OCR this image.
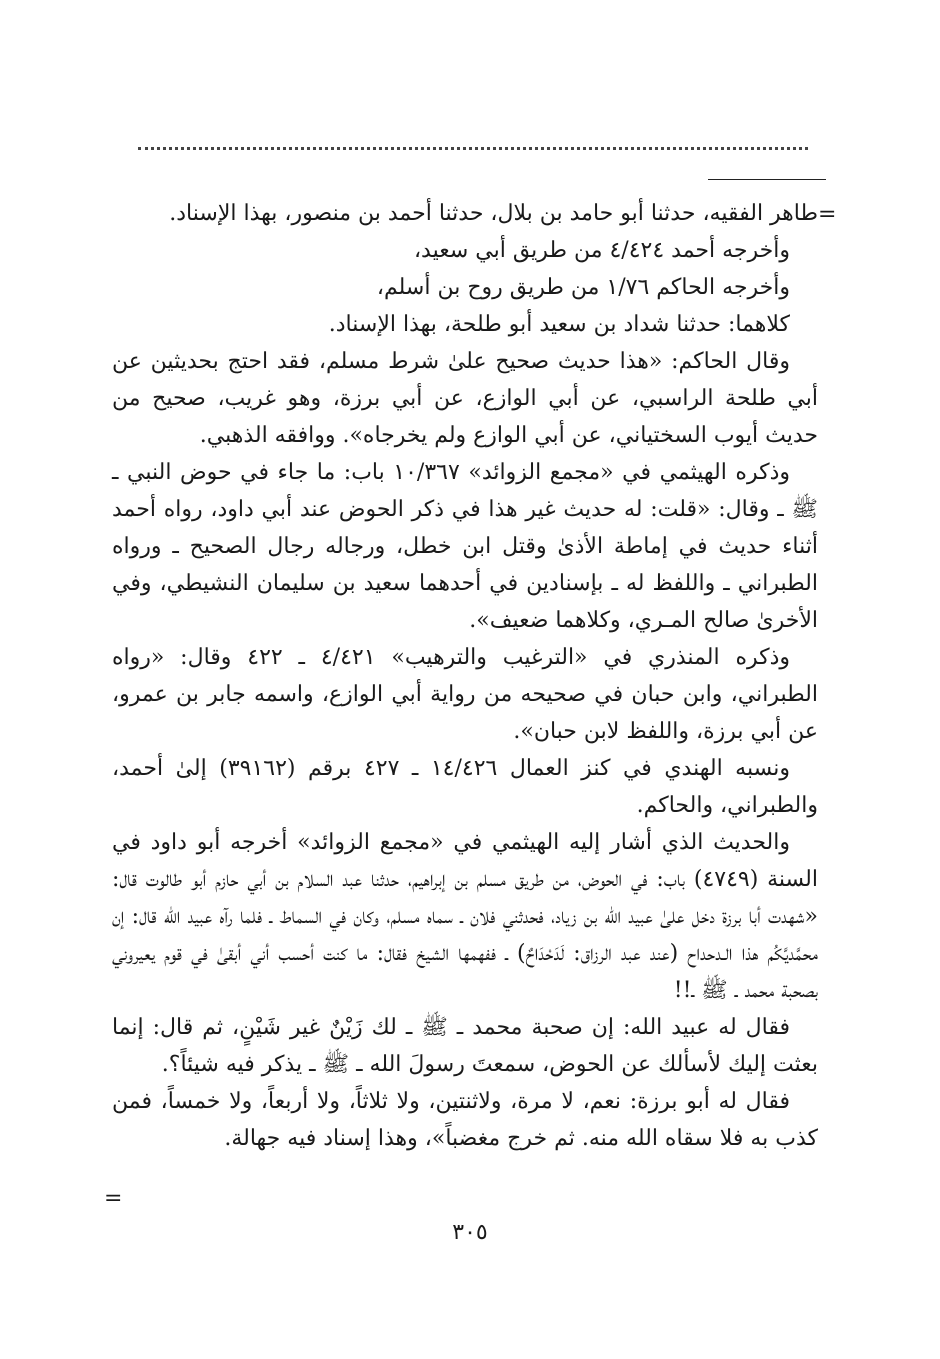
=

طاهر الفقيه، حدثنا أبو حامد بن بلال، حدثنا أحمد بن منصور، بهذا الإسناد.

وأخرجه أحمد ٤/٤٢٤ من طريق أبي سعيد،

وأخرجه الحاكم ١/٧٦ من طريق روح بن أسلم،

كلاهما: حدثنا شداد بن سعيد أبو طلحة، بهذا الإسناد.

وقال الحاكم: «هذا حديث صحيح علىٰ شرط مسلم، فقد احتج بحديثين عن أبي طلحة الراسبي، عن أبي الوازع، عن أبي برزة، وهو غريب، صحيح من حديث أيوب السختياني، عن أبي الوازع ولم يخرجاه». ووافقه الذهبي.

وذكره الهيثمي في «مجمع الزوائد» ١٠/٣٦٧ باب: ما جاء في حوض النبي ـ ﷺ ـ وقال: «قلت: له حديث غير هذا في ذكر الحوض عند أبي داود، رواه أحمد أثناء حديث في إماطة الأذىٰ وقتل ابن خطل، ورجاله رجال الصحيح ـ ورواه الطبراني ـ واللفظ له ـ بإسنادين في أحدهما سعيد بن سليمان النشيطي، وفي الأخرىٰ صالح المـري، وكلاهما ضعيف».

وذكره المنذري في «الترغيب والترهيب» ٤/٤٢١ ـ ٤٢٢ وقال: «رواه الطبراني، وابن حبان في صحيحه من رواية أبي الوازع، واسمه جابر بن عمرو، عن أبي برزة، واللفظ لابن حبان».

ونسبه الهندي في كنز العمال ١٤/٤٢٦ ـ ٤٢٧ برقم (٣٩١٦٢) إلىٰ أحمد، والطبراني، والحاكم.

والحديث الذي أشار إليه الهيثمي في «مجمع الزوائد» أخرجه أبو داود في السنة (٤٧٤٩) باب: في الحوض، من طريق مسلم بن إبراهيم، حدثنا عبد السلام بن أبي حازم أبو طالوت قال: «شهدت أبا برزة دخل علىٰ عبيد الله بن زياد، فحدثني فلان ـ سماه مسلم، وكان في السماط ـ فلما رآه عبيد الله قال: إن محمَّديَّكُم هذا الـدحداح (عند عبد الرزاق: لَدَحْدَاحٌ) ـ ففهمها الشيخ فقال: ما كنت أحسب أني أبقىٰ في قوم يعيروني بصحبة محمد ـ ﷺ ـ!!

فقال له عبيد الله: إن صحبة محمد ـ ﷺ ـ لك زَيْنٌ غير شَيْنٍ، ثم قال: إنما بعثت إليك لأسألك عن الحوض، سمعتَ رسولَ الله ـ ﷺ ـ يذكر فيه شيئاً؟.

فقال له أبو برزة: نعم، لا مرة، ولاثنتين، ولا ثلاثاً، ولا أربعاً، ولا خمساً، فمن كذب به فلا سقاه الله منه. ثم خرج مغضباً»، وهذا إسناد فيه جهالة.

=
٣٠٥
